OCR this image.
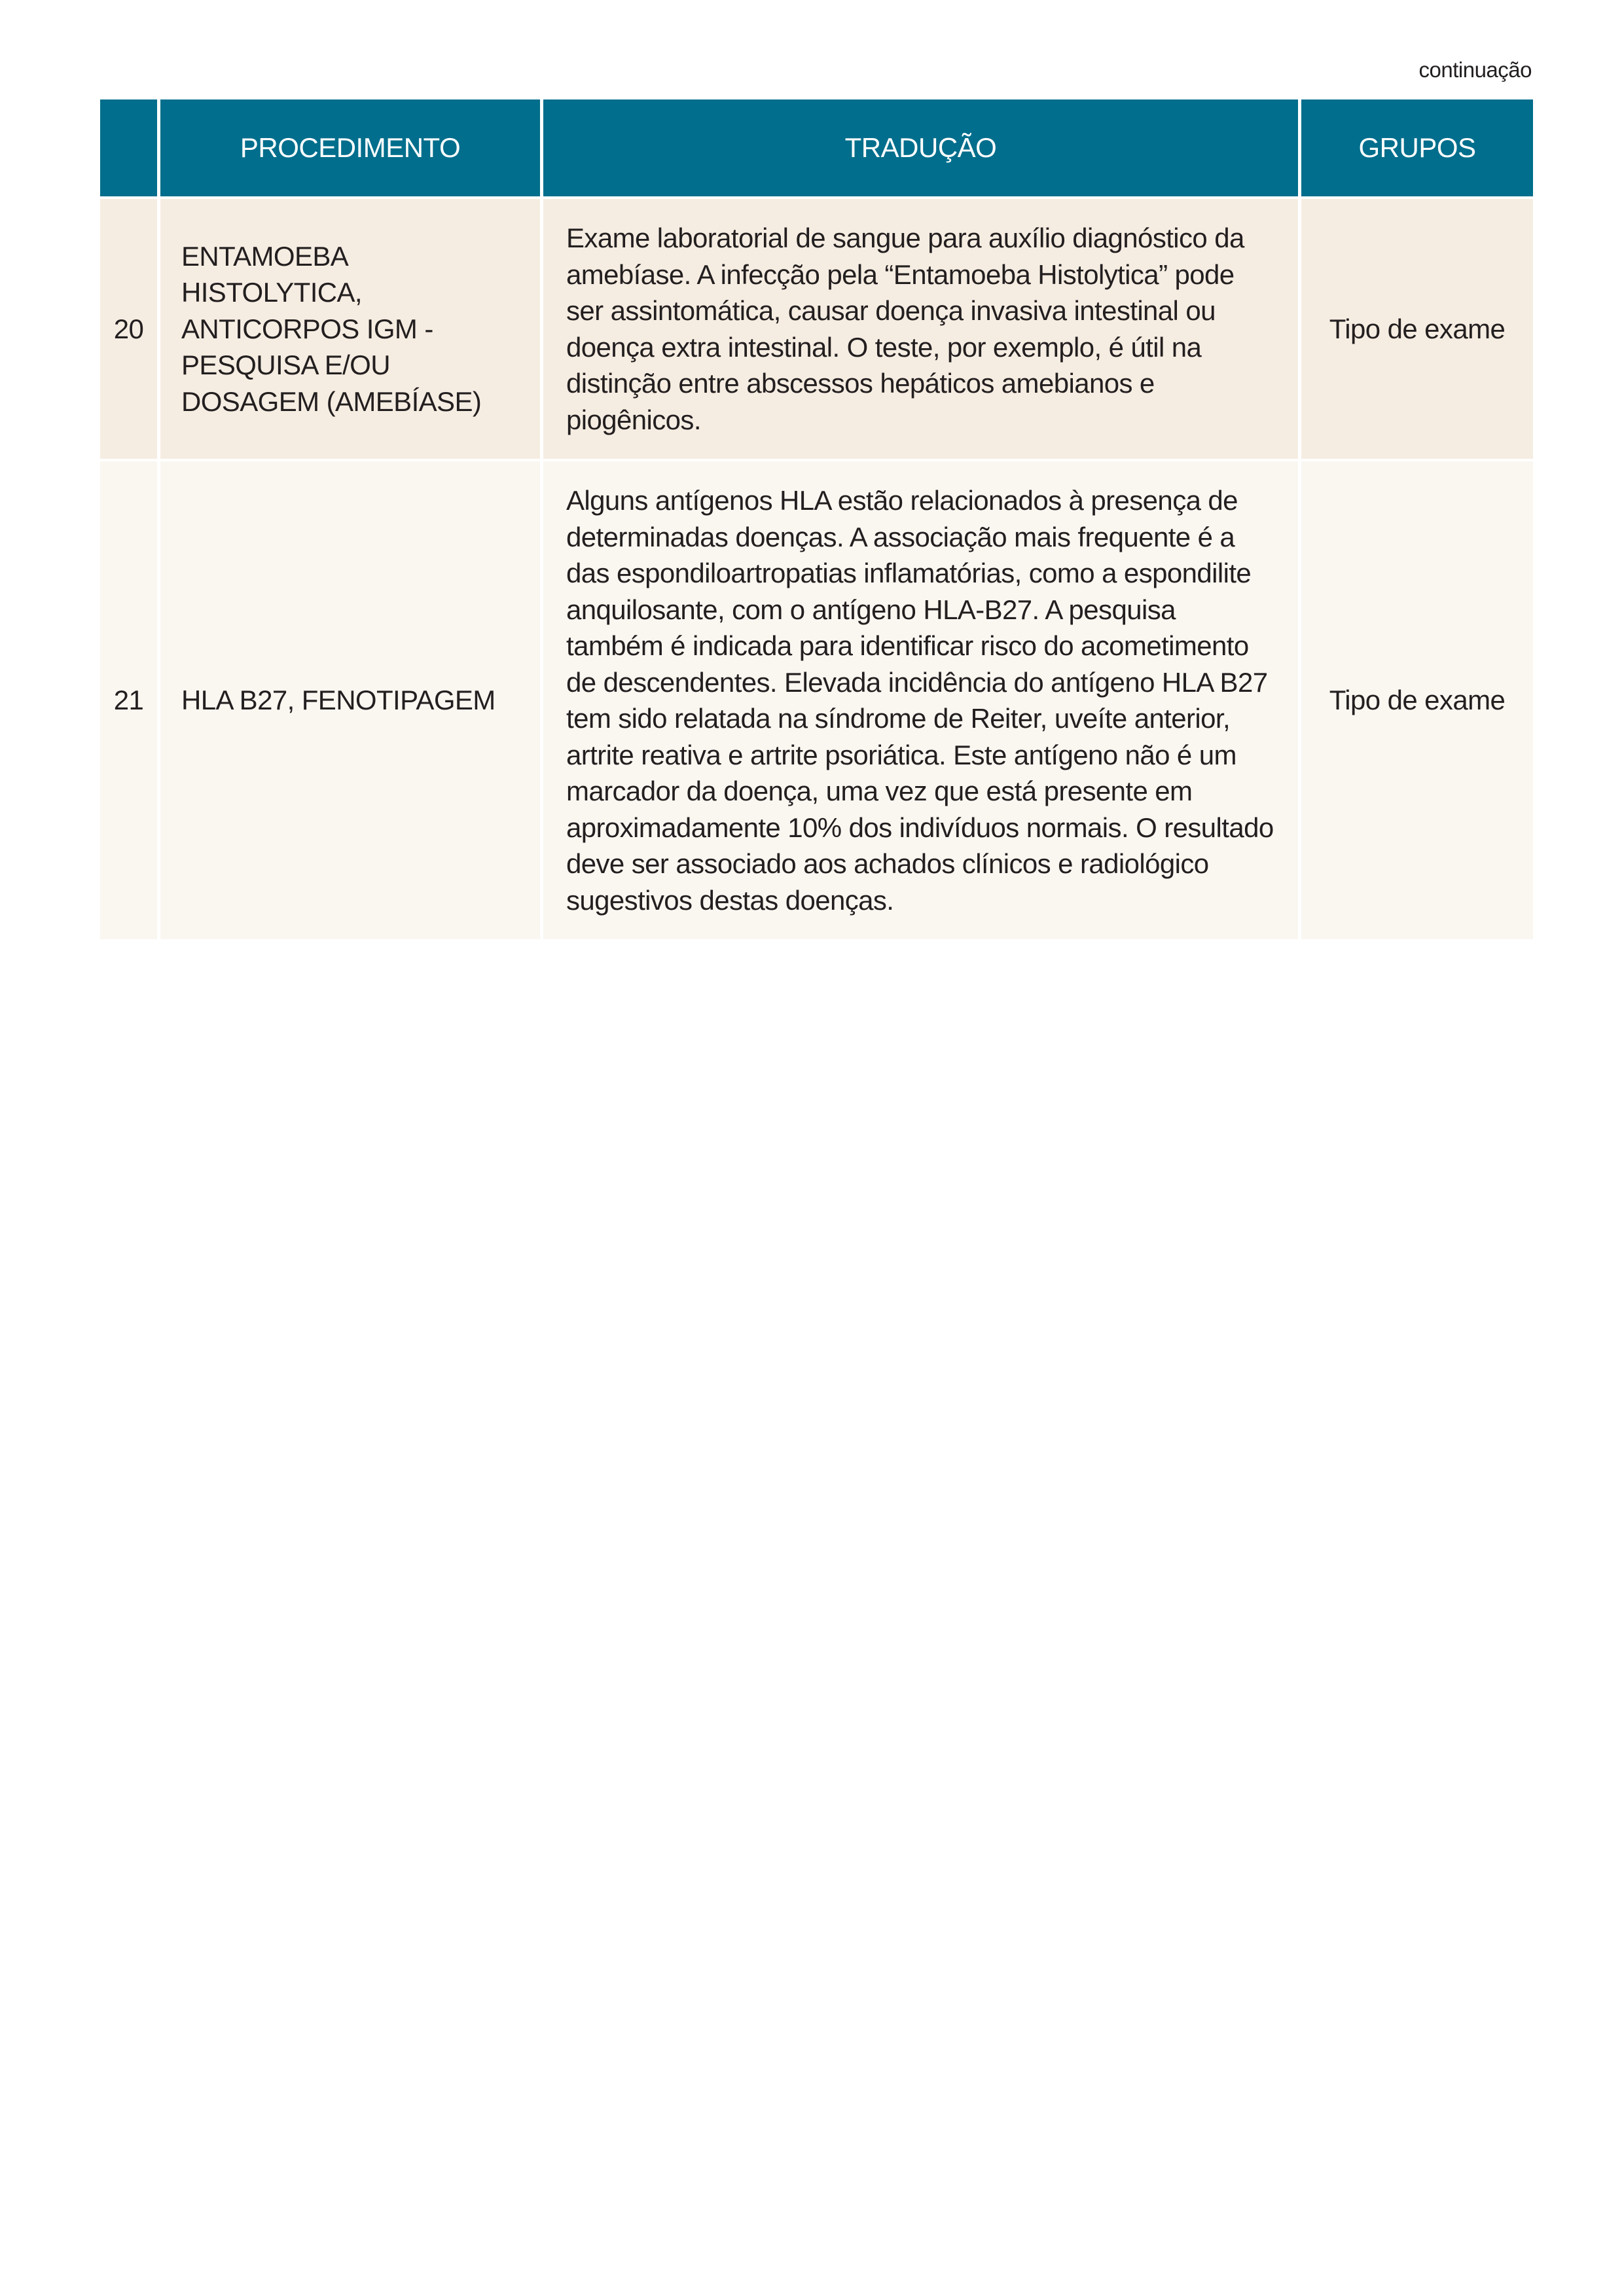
continuação
	PROCEDIMENTO	TRADUÇÃO	GRUPOS
20	ENTAMOEBA HISTOLYTICA, ANTICORPOS IGM - PESQUISA E/OU DOSAGEM (AMEBÍASE)	Exame laboratorial de sangue para auxílio diagnóstico da amebíase. A infecção pela “Entamoeba Histolytica” pode ser assintomática, causar doença invasiva intestinal ou doença extra intestinal. O teste, por exemplo, é útil na distinção entre abscessos hepáticos amebianos e piogênicos.	Tipo de exame
21	HLA B27, FENOTIPAGEM	Alguns antígenos HLA estão relacionados à presença de determinadas doenças. A associação mais frequente é a das espondiloartropatias inflamatórias, como a espondilite anquilosante, com o antígeno HLA-B27. A pesquisa também é indicada para identificar risco do acometimento de descendentes. Elevada incidência do antígeno HLA B27 tem sido relatada na síndrome de Reiter, uveíte anterior, artrite reativa e artrite psoriática. Este antígeno não é um marcador da doença, uma vez que está presente em aproximadamente 10% dos indivíduos normais. O resultado deve ser associado aos achados clínicos e radiológico sugestivos destas doenças.	Tipo de exame
